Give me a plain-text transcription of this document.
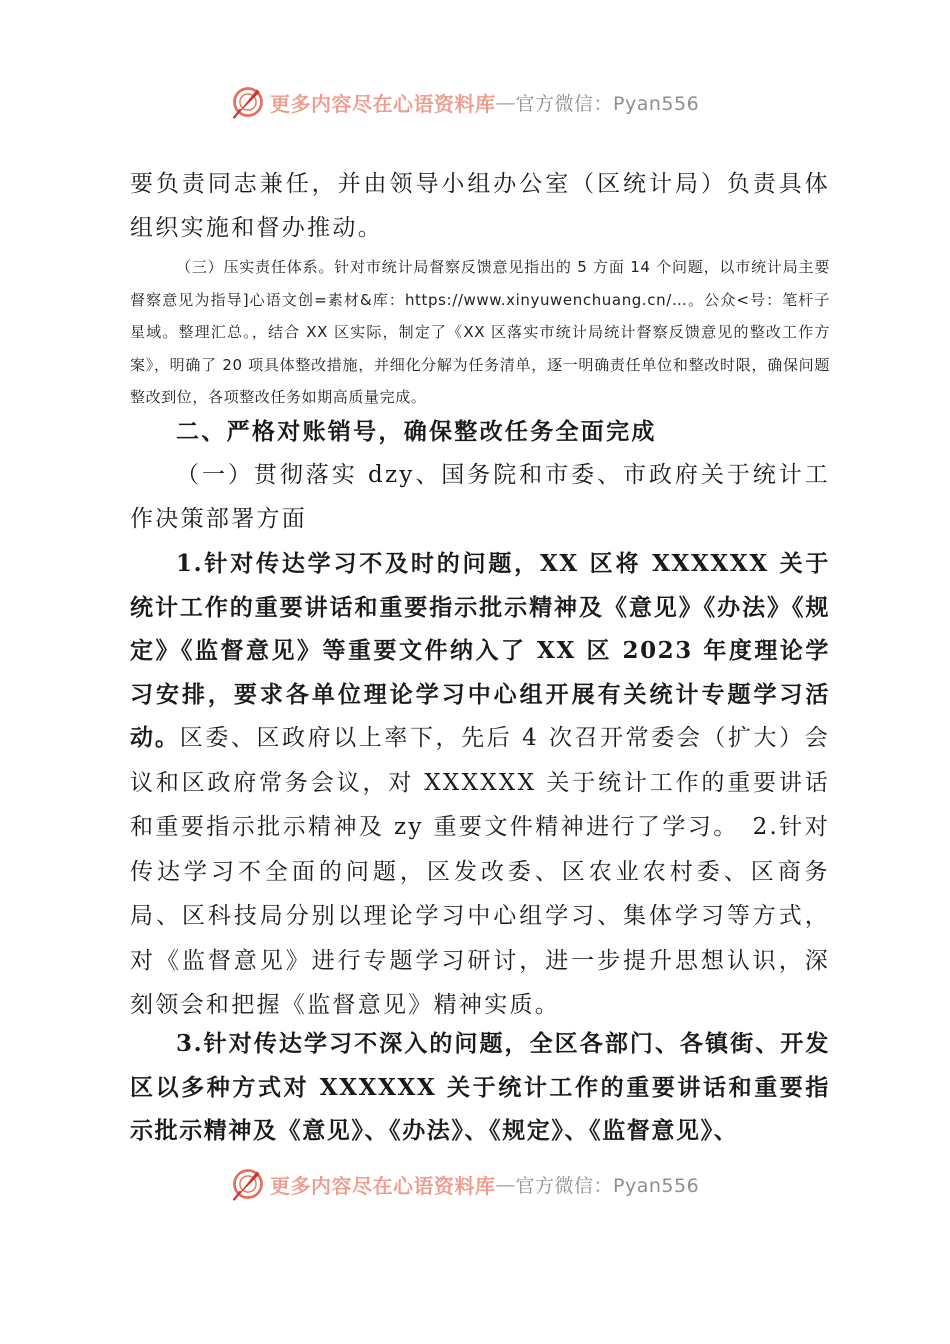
更多内容尽在心语资料库 — 官方微信：Pyan556

要负责同志兼任，并由领导小组办公室（区统计局）负责具体组织实施和督办推动。

（三）压实责任体系。针对市统计局督察反馈意见指出的 5 方面 14 个问题，以市统计局主要督察意见为指导]心语文创=素材&库：https://www.xinyuwenchuang.cn/…。公众<号：笔杆子星域。整理汇总。，结合 XX 区实际，制定了《XX 区落实市统计局统计督察反馈意见的整改工作方案》，明确了 20 项具体整改措施，并细化分解为任务清单，逐一明确责任单位和整改时限，确保问题整改到位，各项整改任务如期高质量完成。

二、严格对账销号，确保整改任务全面完成

（一）贯彻落实 dzy、国务院和市委、市政府关于统计工作决策部署方面

1.针对传达学习不及时的问题，XX 区将 XXXXXX 关于统计工作的重要讲话和重要指示批示精神及《意见》《办法》《规定》《监督意见》等重要文件纳入了 XX 区 2023 年度理论学习安排，要求各单位理论学习中心组开展有关统计专题学习活动。区委、区政府以上率下，先后 4 次召开常委会（扩大）会议和区政府常务会议，对 XXXXXX 关于统计工作的重要讲话和重要指示批示精神及 zy 重要文件精神进行了学习。　2.针对传达学习不全面的问题，区发改委、区农业农村委、区商务局、区科技局分别以理论学习中心组学习、集体学习等方式，对《监督意见》进行专题学习研讨，进一步提升思想认识，深刻领会和把握《监督意见》精神实质。

3.针对传达学习不深入的问题，全区各部门、各镇街、开发区以多种方式对 XXXXXX 关于统计工作的重要讲话和重要指示批示精神及《意见》、《办法》、《规定》、《监督意见》、

更多内容尽在心语资料库 — 官方微信：Pyan556
